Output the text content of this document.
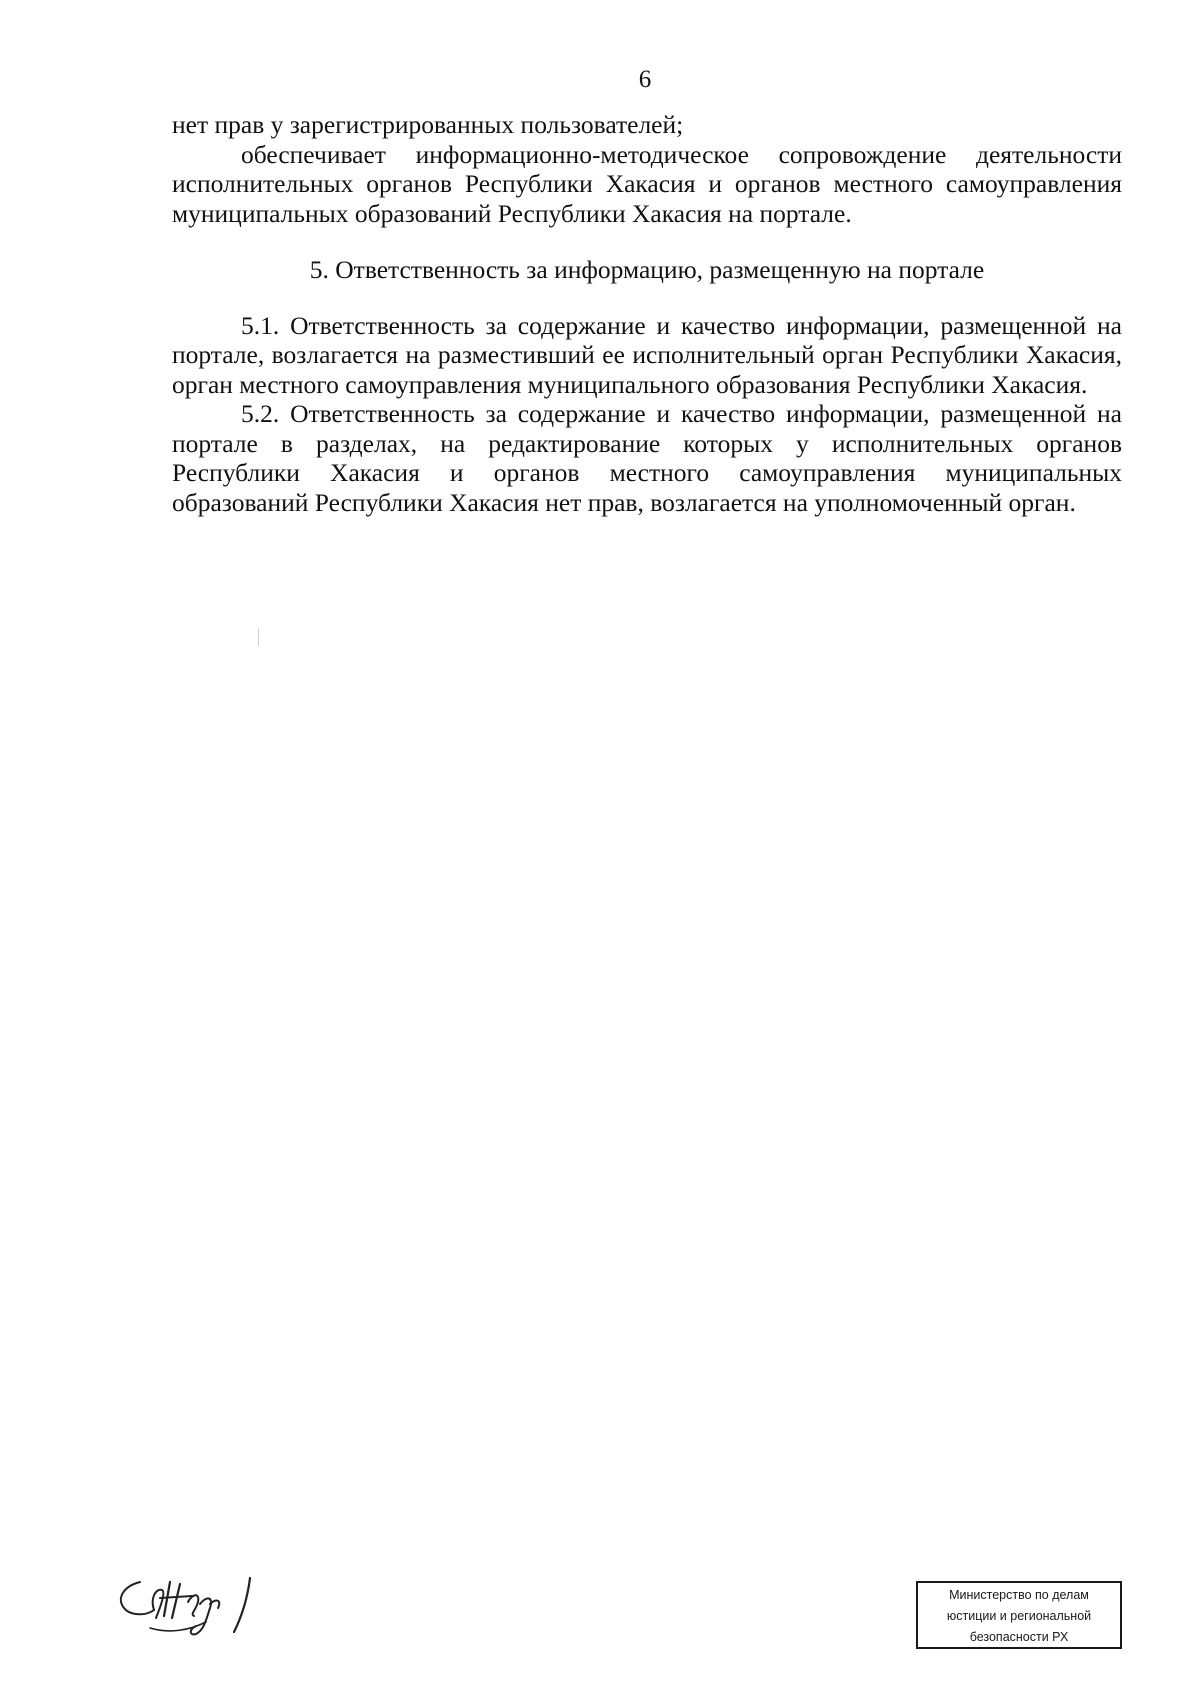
6

нет прав у зарегистрированных пользователей;

обеспечивает информационно-методическое сопровождение деятельности исполнительных органов Республики Хакасия и органов местного самоуправления муниципальных образований Республики Хакасия на портале.

5. Ответственность за информацию, размещенную на портале

5.1. Ответственность за содержание и качество информации, размещенной на портале, возлагается на разместивший ее исполнительный орган Республики Хакасия, орган местного самоуправления муниципального образования Республики Хакасия.

5.2. Ответственность за содержание и качество информации, размещенной на портале в разделах, на редактирование которых у исполнительных органов Республики Хакасия и органов местного самоуправления муниципальных образований Республики Хакасия нет прав, возлагается на уполномоченный орган.

Министерство по делам
юстиции и региональной
безопасности РХ
